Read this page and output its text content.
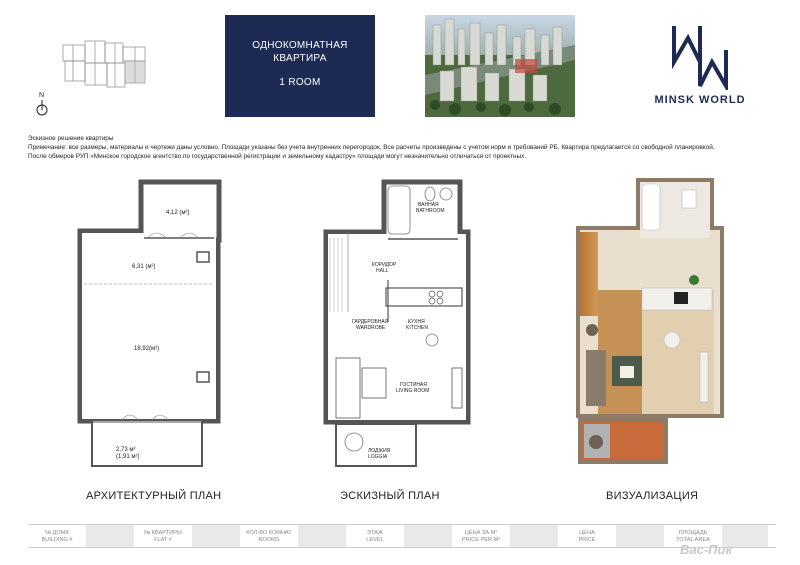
N
ОДНОКОМНАТНАЯ КВАРТИРА
1 ROOM
MINSK WORLD
Эскизное решение квартиры
Примечание: все размеры, материалы и чертежи даны условно. Площади указаны без учета внутренних перегородок. Все расчеты произведены с учетом норм и требований РБ. Квартира предлагается со свободной планировкой.
После обмеров РУП «Минское городское агентство по государственной регистрации и земельному кадастру» площади могут незначительно отличаться от проектных.
4,12 (м²)
6,31 (м²)
18,92(м²)
2,73 м²
(1,91 м²)
ВАННАЯ
BATHROOM
КОРИДОР
HALL
ГАРДЕРОБНАЯ
WARDROBE
КУХНЯ
KITCHEN
ГОСТИНАЯ
LIVING ROOM
ЛОДЖИЯ
LOGGIA
АРХИТЕКТУРНЫЙ ПЛАН	ЭСКИЗНЫЙ ПЛАН	ВИЗУАЛИЗАЦИЯ
№ ДОМА
BUILDING #
№ КВАРТИРЫ
FLAT #
КОЛ-ВО КОМНАТ
ROOMS
ЭТАЖ
LEVEL
ЦЕНА ЗА М²
PRICE PER M²
ЦЕНА
PRICE
ПЛОЩАДЬ
TOTAL AREA
Вас-Пик
